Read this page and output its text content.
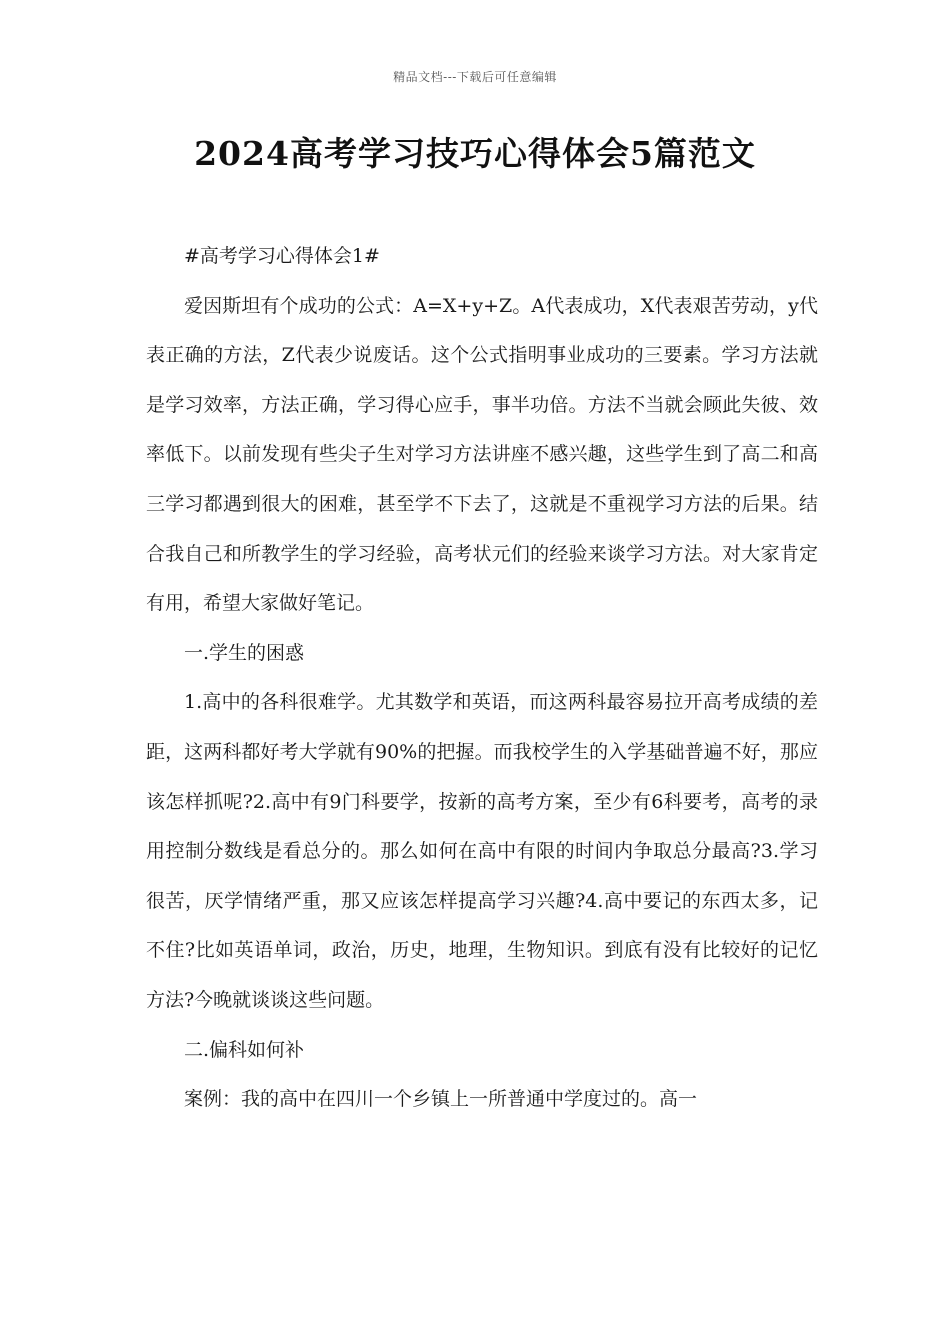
精品文档---下载后可任意编辑
2024高考学习技巧心得体会5篇范文

#高考学习心得体会1#

爱因斯坦有个成功的公式：A=X+y+Z。A代表成功，X代表艰苦劳动，y代表正确的方法，Z代表少说废话。这个公式指明事业成功的三要素。学习方法就是学习效率，方法正确，学习得心应手，事半功倍。方法不当就会顾此失彼、效率低下。以前发现有些尖子生对学习方法讲座不感兴趣，这些学生到了高二和高三学习都遇到很大的困难，甚至学不下去了，这就是不重视学习方法的后果。结合我自己和所教学生的学习经验，高考状元们的经验来谈学习方法。对大家肯定有用，希望大家做好笔记。

一.学生的困惑

1.高中的各科很难学。尤其数学和英语，而这两科最容易拉开高考成绩的差距，这两科都好考大学就有90%的把握。而我校学生的入学基础普遍不好，那应该怎样抓呢?2.高中有9门科要学，按新的高考方案，至少有6科要考，高考的录用控制分数线是看总分的。那么如何在高中有限的时间内争取总分最高?3.学习很苦，厌学情绪严重，那又应该怎样提高学习兴趣?4.高中要记的东西太多，记不住?比如英语单词，政治，历史，地理，生物知识。到底有没有比较好的记忆方法?今晚就谈谈这些问题。

二.偏科如何补

案例：我的高中在四川一个乡镇上一所普通中学度过的。高一
